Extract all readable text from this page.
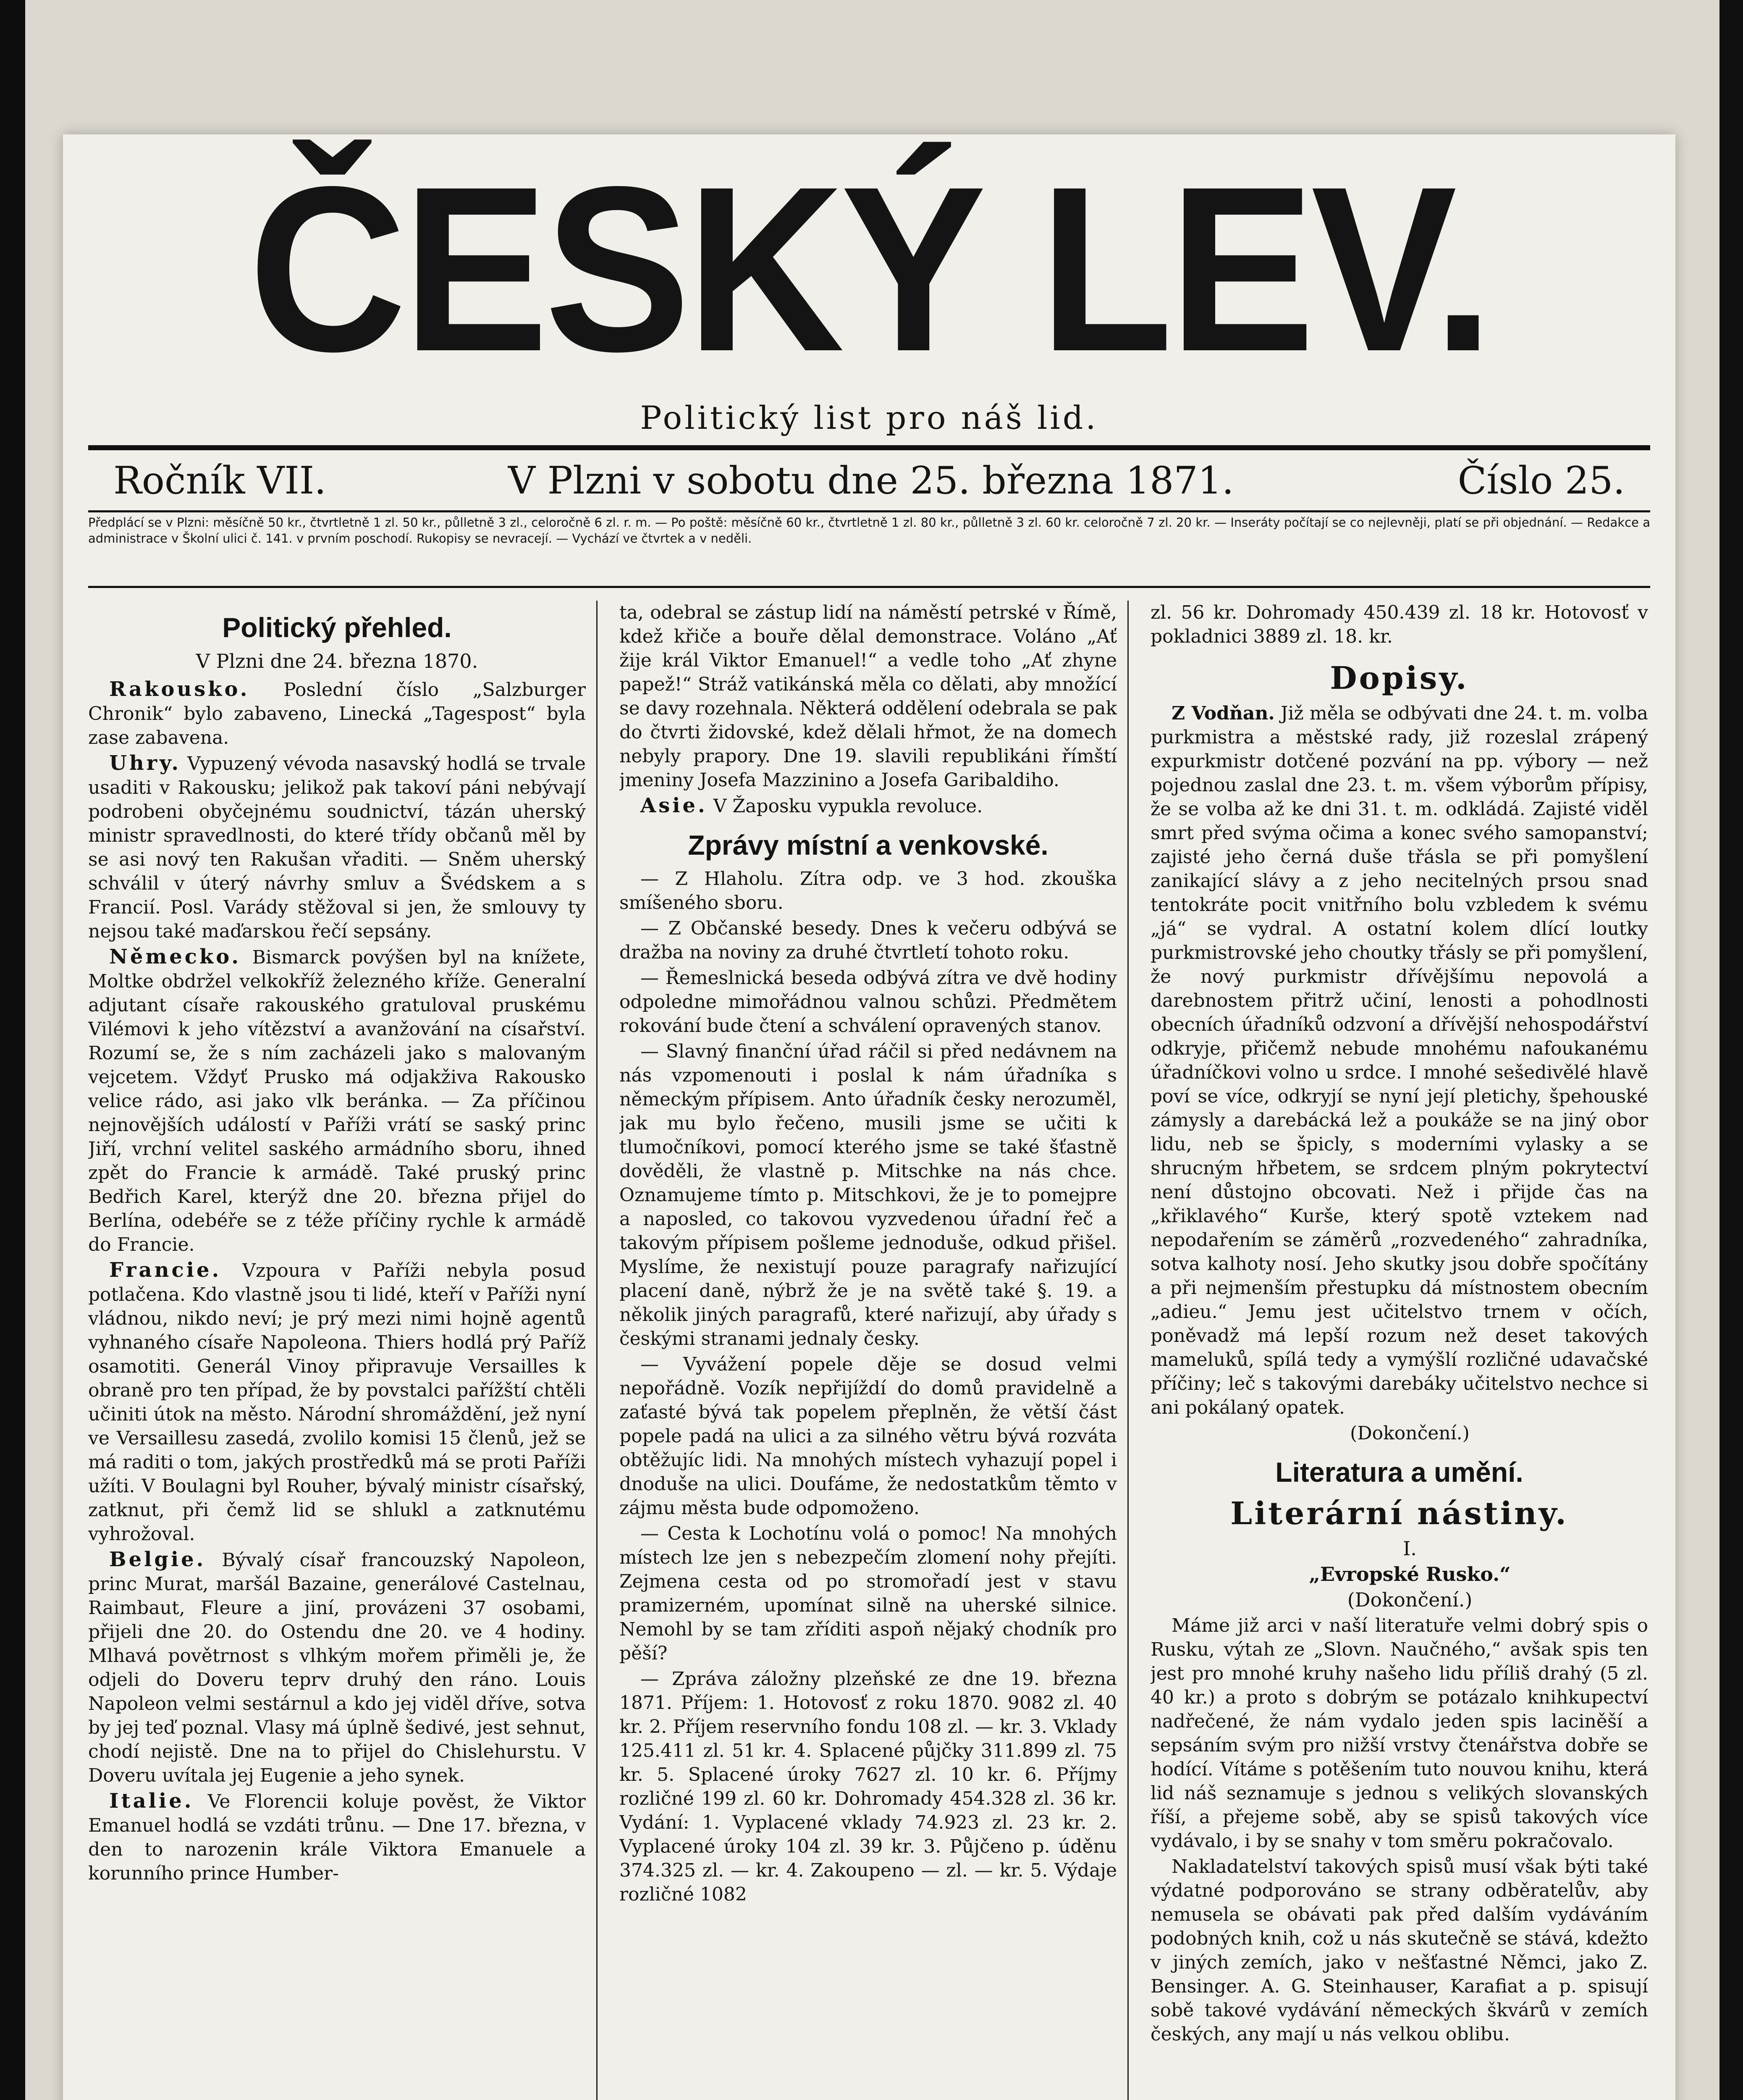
ČESKÝ LEV.
Politický list pro náš lid.
Ročník VII.	V Plzni v sobotu dne 25. března 1871.	Číslo 25.
Předplácí se v Plzni: měsíčně 50 kr., čtvrtletně 1 zl. 50 kr., půlletně 3 zl., celoročně 6 zl. r. m. — Po poště: měsíčně 60 kr., čtvrtletně 1 zl. 80 kr., půlletně 3 zl. 60 kr. celoročně 7 zl. 20 kr. — Inseráty počítají se co nejlevněji, platí se při objednání. — Redakce a administrace v Školní ulici č. 141. v prvním poschodí. Rukopisy se nevracejí. — Vychází ve čtvrtek a v neděli.
Politický přehled.
V Plzni dne 24. března 1870.

Rakousko. Poslední číslo „Salzburger Chronik“ bylo zabaveno, Linecká „Tagespost“ byla zase zabavena.

Uhry. Vypuzený vévoda nasavský hodlá se trvale usaditi v Rakousku; jelikož pak takoví páni nebývají podrobeni obyčejnému soudnictví, tázán uherský ministr spravedlnosti, do které třídy občanů měl by se asi nový ten Rakušan vřaditi. — Sněm uherský schválil v úterý návrhy smluv a Švédskem a s Francií. Posl. Varády stěžoval si jen, že smlouvy ty nejsou také maďarskou řečí sepsány.

Německo. Bismarck povýšen byl na knížete, Moltke obdržel velkokříž železného kříže. Generalní adjutant císaře rakouského gratuloval pruskému Vilémovi k jeho vítězství a avanžování na císařství. Rozumí se, že s ním zacházeli jako s malovaným vejcetem. Vždyť Prusko má odjakživa Rakousko velice rádo, asi jako vlk beránka. — Za příčinou nejnovějších událostí v Paříži vrátí se saský princ Jiří, vrchní velitel saského armádního sboru, ihned zpět do Francie k armádě. Také pruský princ Bedřich Karel, kterýž dne 20. března přijel do Berlína, odebéře se z téže příčiny rychle k armádě do Francie.

Francie. Vzpoura v Paříži nebyla posud potlačena. Kdo vlastně jsou ti lidé, kteří v Paříži nyní vládnou, nikdo neví; je prý mezi nimi hojně agentů vyhnaného císaře Napoleona. Thiers hodlá prý Paříž osamotiti. Generál Vinoy připravuje Versailles k obraně pro ten případ, že by povstalci pařížští chtěli učiniti útok na město. Národní shromáždění, jež nyní ve Versaillesu zasedá, zvolilo komisi 15 členů, jež se má raditi o tom, jakých prostředků má se proti Paříži užíti. V Boulagni byl Rouher, bývalý ministr císařský, zatknut, při čemž lid se shlukl a zatknutému vyhrožoval.

Belgie. Bývalý císař francouzský Napoleon, princ Murat, maršál Bazaine, generálové Castelnau, Raimbaut, Fleure a jiní, provázeni 37 osobami, přijeli dne 20. do Ostendu dne 20. ve 4 hodiny. Mlhavá povětrnost s vlhkým mořem přiměli je, že odjeli do Doveru teprv druhý den ráno. Louis Napoleon velmi sestárnul a kdo jej viděl dříve, sotva by jej teď poznal. Vlasy má úplně šedivé, jest sehnut, chodí nejistě. Dne na to přijel do Chislehurstu. V Doveru uvítala jej Eugenie a jeho synek.

Italie. Ve Florencii koluje pověst, že Viktor Emanuel hodlá se vzdáti trůnu. — Dne 17. března, v den to narozenin krále Viktora Emanuele a korunního prince Humber-

ta, odebral se zástup lidí na náměstí petrské v Římě, kdež křiče a bouře dělal demonstrace. Voláno „Ať žije král Viktor Emanuel!“ a vedle toho „Ať zhyne papež!“ Stráž vatikánská měla co dělati, aby množící se davy rozehnala. Některá oddělení odebrala se pak do čtvrti židovské, kdež dělali hřmot, že na domech nebyly prapory. Dne 19. slavili republikáni římští jmeniny Josefa Mazzinino a Josefa Garibaldiho.

Asie. V Žaposku vypukla revoluce.

Zprávy místní a venkovské.

— Z Hlaholu. Zítra odp. ve 3 hod. zkouška smíšeného sboru.

— Z Občanské besedy. Dnes k večeru odbývá se dražba na noviny za druhé čtvrtletí tohoto roku.

— Řemeslnická beseda odbývá zítra ve dvě hodiny odpoledne mimořádnou valnou schůzi. Předmětem rokování bude čtení a schválení opravených stanov.

— Slavný finanční úřad ráčil si před nedávnem na nás vzpomenouti i poslal k nám úřadníka s německým přípisem. Anto úřadník česky nerozuměl, jak mu bylo řečeno, musili jsme se učiti k tlumočníkovi, pomocí kterého jsme se také šťastně dověděli, že vlastně p. Mitschke na nás chce. Oznamujeme tímto p. Mitschkovi, že je to pomejpre a naposled, co takovou vyzvedenou úřadní řeč a takovým přípisem pošleme jednoduše, odkud přišel. Myslíme, že nexistují pouze paragrafy nařizující placení daně, nýbrž že je na světě také §. 19. a několik jiných paragrafů, které nařizují, aby úřady s českými stranami jednaly česky.

— Vyvážení popele děje se dosud velmi nepořádně. Vozík nepřijíždí do domů pravidelně a zaťasté bývá tak popelem přeplněn, že větší část popele padá na ulici a za silného větru bývá rozváta obtěžujíc lidi. Na mnohých místech vyhazují popel i dnoduše na ulici. Doufáme, že nedostatkům těmto v zájmu města bude odpomoženo.

— Cesta k Lochotínu volá o pomoc! Na mnohých místech lze jen s nebezpečím zlomení nohy přejíti. Zejmena cesta od po stromořadí jest v stavu pramizerném, upomínat silně na uherské silnice. Nemohl by se tam zříditi aspoň nějaký chodník pro pěší?

— Zpráva záložny plzeňské ze dne 19. března 1871. Příjem: 1. Hotovosť z roku 1870. 9082 zl. 40 kr. 2. Příjem reservního fondu 108 zl. — kr. 3. Vklady 125.411 zl. 51 kr. 4. Splacené půjčky 311.899 zl. 75 kr. 5. Splacené úroky 7627 zl. 10 kr. 6. Příjmy rozličné 199 zl. 60 kr. Dohromady 454.328 zl. 36 kr. Vydání: 1. Vyplacené vklady 74.923 zl. 23 kr. 2. Vyplacené úroky 104 zl. 39 kr. 3. Půjčeno p. úděnu 374.325 zl. — kr. 4. Zakoupeno — zl. — kr. 5. Výdaje rozličné 1082

zl. 56 kr. Dohromady 450.439 zl. 18 kr. Hotovosť v pokladnici 3889 zl. 18. kr.

Dopisy.

Z Vodňan. Již měla se odbývati dne 24. t. m. volba purkmistra a městské rady, již rozeslal zrápený expurkmistr dotčené pozvání na pp. výbory — než pojednou zaslal dne 23. t. m. všem výborům přípisy, že se volba až ke dni 31. t. m. odkládá. Zajisté viděl smrt před svýma očima a konec svého samopanství; zajisté jeho černá duše třásla se při pomyšlení zanikající slávy a z jeho necitelných prsou snad tentokráte pocit vnitřního bolu vzbledem k svému „já“ se vydral. A ostatní kolem dlící loutky purkmistrovské jeho choutky třásly se při pomyšlení, že nový purkmistr dřívějšímu nepovolá a darebnostem přitrž učiní, lenosti a pohodlnosti obecních úřadníků odzvoní a dřívější nehospodářství odkryje, přičemž nebude mnohému nafoukanému úřadníčkovi volno u srdce. I mnohé sešedivělé hlavě poví se více, odkryjí se nyní její pletichy, špehouské zámysly a darebácká lež a poukáže se na jiný obor lidu, neb se špicly, s moderními vylasky a se shrucným hřbetem, se srdcem plným pokrytectví není důstojno obcovati. Než i přijde čas na „křiklavého“ Kurše, který spotě vztekem nad nepodařením se záměrů „rozvedeného“ zahradníka, sotva kalhoty nosí. Jeho skutky jsou dobře spočítány a při nejmenším přestupku dá místnostem obecním „adieu.“ Jemu jest učitelstvo trnem v očích, poněvadž má lepší rozum než deset takových mameluků, spílá tedy a vymýšlí rozličné udavačské příčiny; leč s takovými darebáky učitelstvo nechce si ani pokálaný opatek.

(Dokončení.)

Literatura a umění.
Literární nástiny.

I.

„Evropské Rusko.“

(Dokončení.)

Máme již arci v naší literatuře velmi dobrý spis o Rusku, výtah ze „Slovn. Naučného,“ avšak spis ten jest pro mnohé kruhy našeho lidu příliš drahý (5 zl. 40 kr.) a proto s dobrým se potázalo knihkupectví nadřečené, že nám vydalo jeden spis laciněší a sepsáním svým pro nižší vrstvy čtenářstva dobře se hodící. Vítáme s potěšením tuto nouvou knihu, která lid náš seznamuje s jednou s velikých slovanských říší, a přejeme sobě, aby se spisů takových více vydávalo, i by se snahy v tom směru pokračovalo.

Nakladatelství takových spisů musí však býti také výdatné podporováno se strany odběratelův, aby nemusela se obávati pak před dalším vydáváním podobných knih, což u nás skutečně se stává, kdežto v jiných zemích, jako v nešťastné Němci, jako Z. Bensinger. A. G. Steinhauser, Karafiat a p. spisují sobě takové vydávání německých škvárů v zemích českých, any mají u nás velkou oblibu.
